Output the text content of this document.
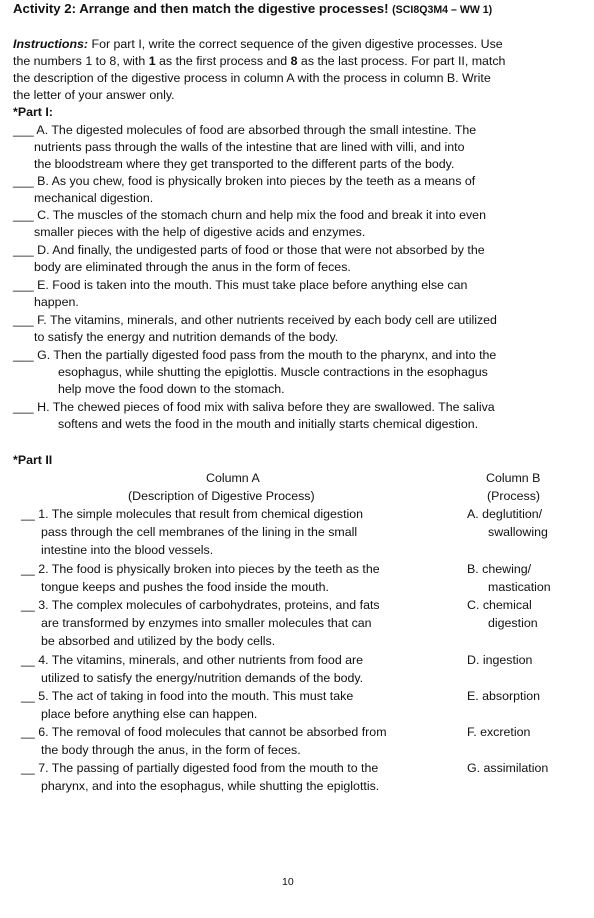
Activity 2: Arrange and then match the digestive processes! (SCI8Q3M4 – WW 1)
Instructions: For part I, write the correct sequence of the given digestive processes. Use
the numbers 1 to 8, with 1 as the first process and 8 as the last process. For part II, match
the description of the digestive process in column A with the process in column B. Write
the letter of your answer only.
*Part I:
___ A. The digested molecules of food are absorbed through the small intestine. The
nutrients pass through the walls of the intestine that are lined with villi, and into
the bloodstream where they get transported to the different parts of the body.
___ B. As you chew, food is physically broken into pieces by the teeth as a means of
mechanical digestion.
___ C. The muscles of the stomach churn and help mix the food and break it into even
smaller pieces with the help of digestive acids and enzymes.
___ D. And finally, the undigested parts of food or those that were not absorbed by the
body are eliminated through the anus in the form of feces.
___ E. Food is taken into the mouth. This must take place before anything else can
happen.
___ F. The vitamins, minerals, and other nutrients received by each body cell are utilized
to satisfy the energy and nutrition demands of the body.
___ G. Then the partially digested food pass from the mouth to the pharynx, and into the
esophagus, while shutting the epiglottis. Muscle contractions in the esophagus
help move the food down to the stomach.
___ H. The chewed pieces of food mix with saliva before they are swallowed. The saliva
softens and wets the food in the mouth and initially starts chemical digestion.
*Part II
Column A
(Description of Digestive Process)
Column B
(Process)
__ 1. The simple molecules that result from chemical digestion
pass through the cell membranes of the lining in the small
intestine into the blood vessels.
__ 2. The food is physically broken into pieces by the teeth as the
tongue keeps and pushes the food inside the mouth.
__ 3. The complex molecules of carbohydrates, proteins, and fats
are transformed by enzymes into smaller molecules that can
be absorbed and utilized by the body cells.
__ 4. The vitamins, minerals, and other nutrients from food are
utilized to satisfy the energy/nutrition demands of the body.
__ 5. The act of taking in food into the mouth. This must take
place before anything else can happen.
__ 6. The removal of food molecules that cannot be absorbed from
the body through the anus, in the form of feces.
__ 7. The passing of partially digested food from the mouth to the
pharynx, and into the esophagus, while shutting the epiglottis.
A. deglutition/
swallowing
B. chewing/
mastication
C. chemical
digestion
D. ingestion
E. absorption
F. excretion
G. assimilation
10
